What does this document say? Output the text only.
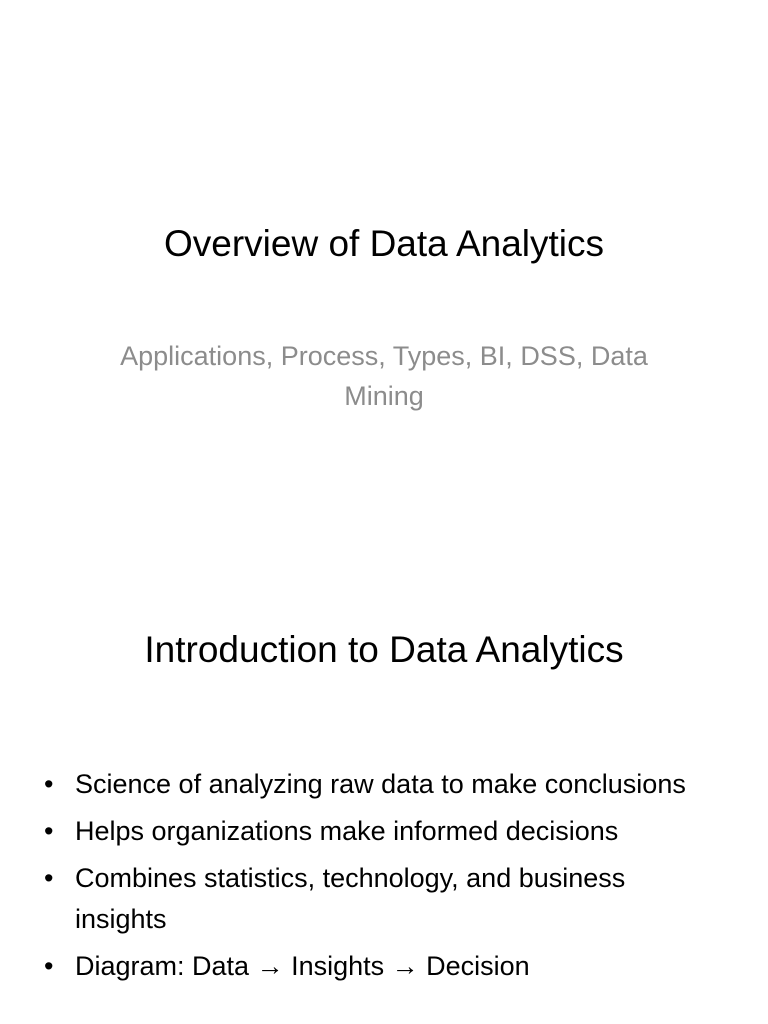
Overview of Data Analytics

Applications, Process, Types, BI, DSS, Data Mining

Introduction to Data Analytics
• Science of analyzing raw data to make conclusions
• Helps organizations make informed decisions
• Combines statistics, technology, and business insights
• Diagram: Data → Insights → Decision
